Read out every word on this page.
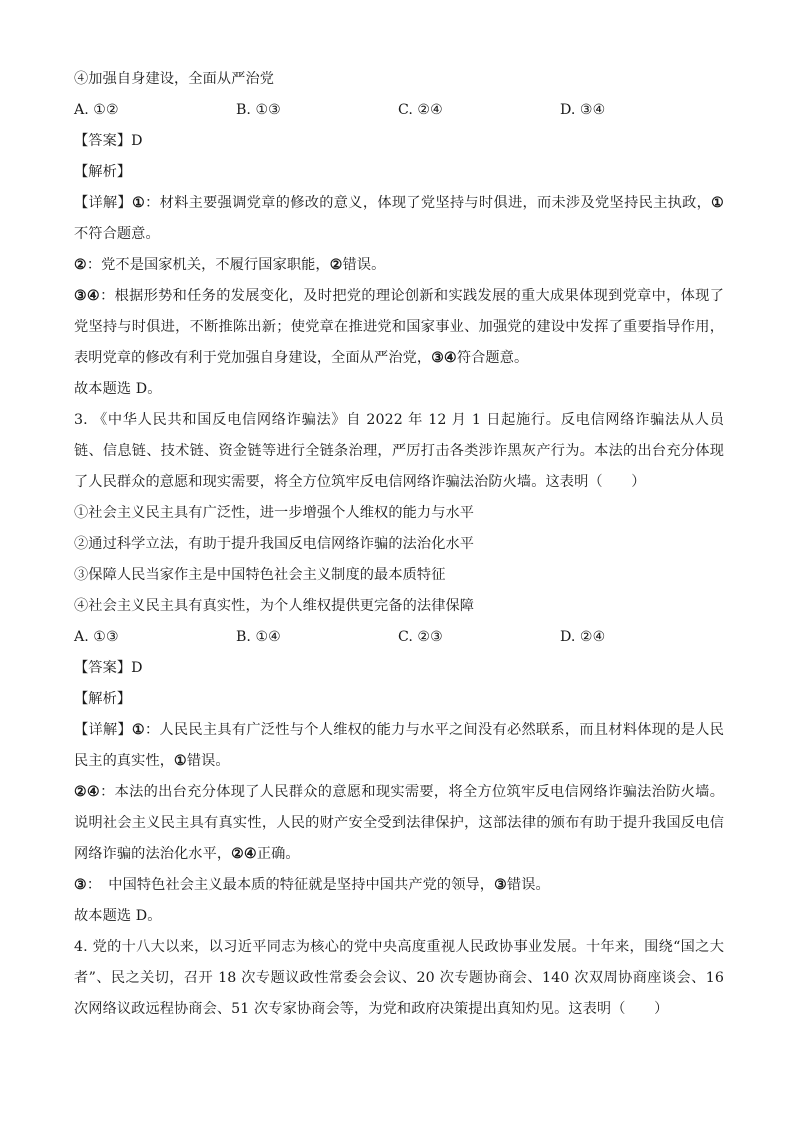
④加强自身建设，全面从严治党
A. ①②	B. ①③	C. ②④	D. ③④
【答案】D
【解析】
【详解】①：材料主要强调党章的修改的意义，体现了党坚持与时俱进，而未涉及党坚持民主执政，①不符合题意。
②：党不是国家机关，不履行国家职能，②错误。
③④：根据形势和任务的发展变化，及时把党的理论创新和实践发展的重大成果体现到党章中，体现了党坚持与时俱进，不断推陈出新；使党章在推进党和国家事业、加强党的建设中发挥了重要指导作用，表明党章的修改有利于党加强自身建设，全面从严治党，③④符合题意。
故本题选 D。
3. 《中华人民共和国反电信网络诈骗法》自 2022 年 12 月 1 日起施行。反电信网络诈骗法从人员链、信息链、技术链、资金链等进行全链条治理，严厉打击各类涉诈黑灰产行为。本法的出台充分体现了人民群众的意愿和现实需要，将全方位筑牢反电信网络诈骗法治防火墙。这表明（　　）
①社会主义民主具有广泛性，进一步增强个人维权的能力与水平
②通过科学立法，有助于提升我国反电信网络诈骗的法治化水平
③保障人民当家作主是中国特色社会主义制度的最本质特征
④社会主义民主具有真实性，为个人维权提供更完备的法律保障
A. ①③	B. ①④	C. ②③	D. ②④
【答案】D
【解析】
【详解】①：人民民主具有广泛性与个人维权的能力与水平之间没有必然联系，而且材料体现的是人民民主的真实性，①错误。
②④：本法的出台充分体现了人民群众的意愿和现实需要，将全方位筑牢反电信网络诈骗法治防火墙。说明社会主义民主具有真实性，人民的财产安全受到法律保护，这部法律的颁布有助于提升我国反电信网络诈骗的法治化水平，②④正确。
③：　中国特色社会主义最本质的特征就是坚持中国共产党的领导，③错误。
故本题选 D。
4. 党的十八大以来，以习近平同志为核心的党中央高度重视人民政协事业发展。十年来，围绕“国之大者”、民之关切，召开 18 次专题议政性常委会会议、20 次专题协商会、140 次双周协商座谈会、16 次网络议政远程协商会、51 次专家协商会等，为党和政府决策提出真知灼见。这表明（　　）
